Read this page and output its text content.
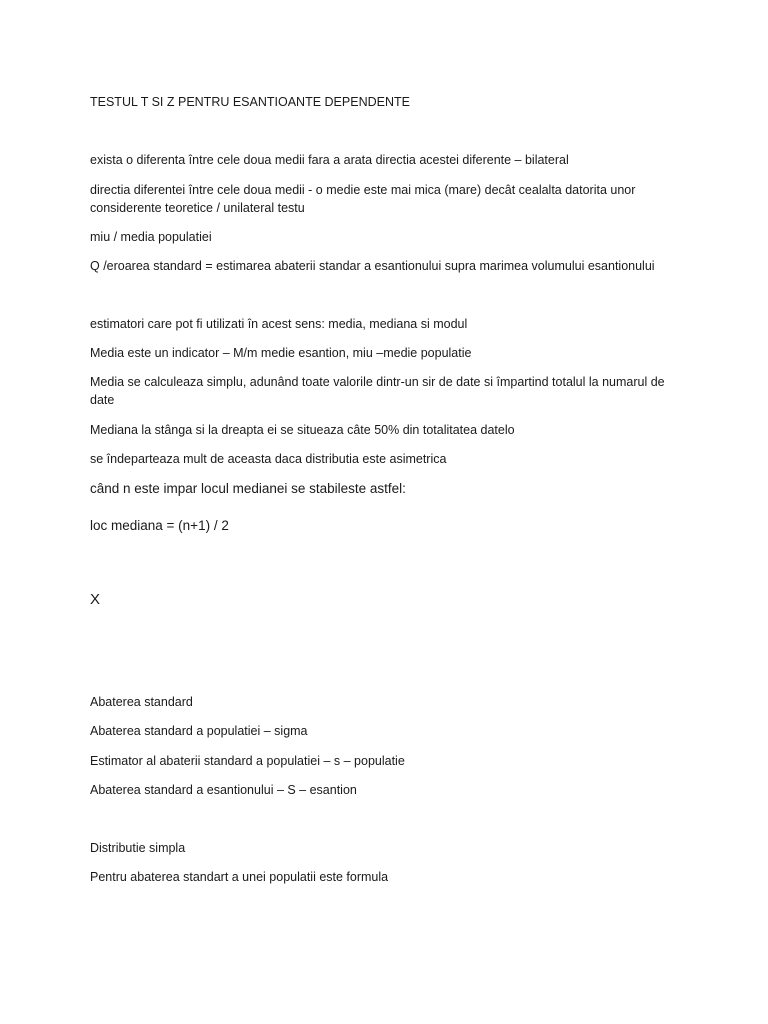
TESTUL T SI Z PENTRU ESANTIOANTE DEPENDENTE
exista o diferenta între cele doua medii fara a arata directia acestei diferente – bilateral
directia diferentei între cele doua medii - o medie este mai mica (mare) decât cealalta datorita unor considerente teoretice / unilateral testu
miu / media populatiei
Q /eroarea standard = estimarea abaterii standar a esantionului supra marimea volumului esantionului
estimatori care pot fi utilizati în acest sens: media, mediana si modul
Media este un indicator – M/m medie esantion, miu –medie populatie
Media se calculeaza simplu, adunând toate valorile dintr-un sir de date si împartind totalul la numarul de date
Mediana la stânga si la dreapta ei se situeaza câte 50% din totalitatea datelo
se îndeparteaza mult de aceasta daca distributia este asimetrica
când n este impar locul medianei se stabileste astfel:
loc mediana = (n+1) / 2
X
Abaterea standard
Abaterea standard a populatiei – sigma
Estimator al abaterii standard a populatiei – s – populatie
Abaterea standard a esantionului – S – esantion
Distributie simpla
Pentru abaterea standart a unei populatii este formula
